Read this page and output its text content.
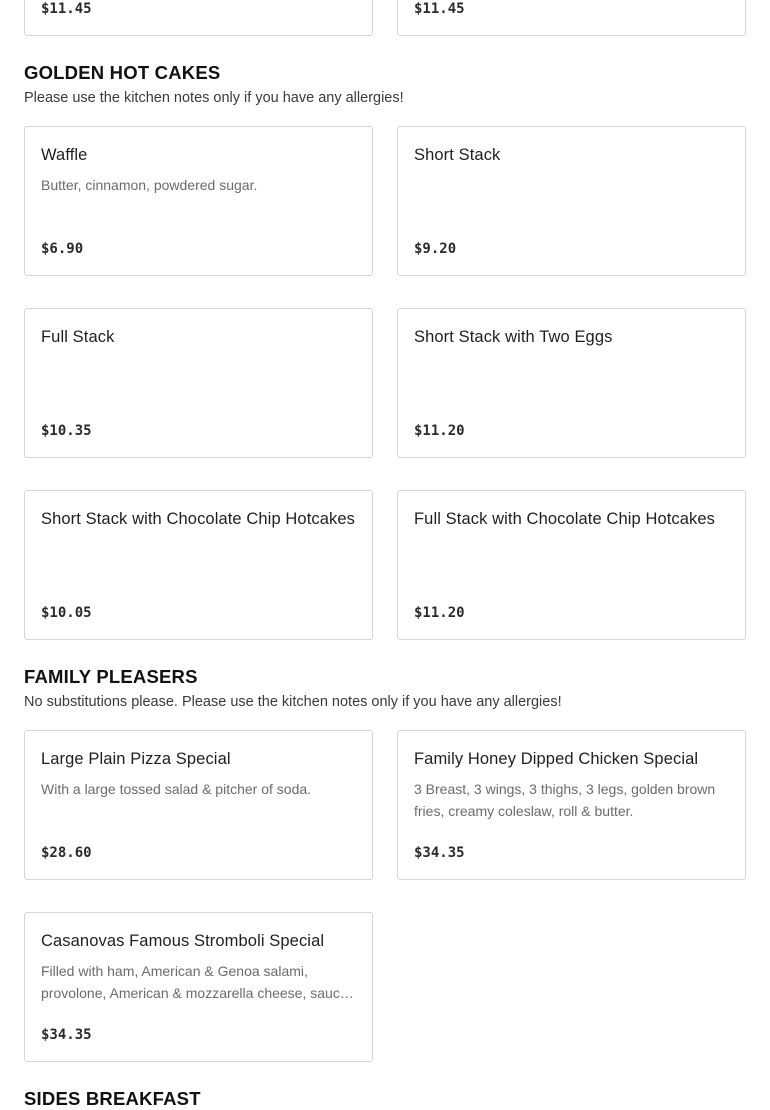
$11.45	$11.45
GOLDEN HOT CAKES

Please use the kitchen notes only if you have any allergies!

Waffle
Butter, cinnamon, powdered sugar.
$6.90
Short Stack
$9.20
Full Stack
$10.35
Short Stack with Two Eggs
$11.20
Short Stack with Chocolate Chip Hotcakes
$10.05
Full Stack with Chocolate Chip Hotcakes
$11.20
FAMILY PLEASERS

No substitutions please. Please use the kitchen notes only if you have any allergies!

Large Plain Pizza Special
With a large tossed salad & pitcher of soda.
$28.60
Family Honey Dipped Chicken Special
3 Breast, 3 wings, 3 thighs, 3 legs, golden brown fries, creamy coleslaw, roll & butter.
$34.35
Casanovas Famous Stromboli Special
Filled with ham, American & Genoa salami, provolone, American & mozzarella cheese, sauc…
$34.35
SIDES BREAKFAST
